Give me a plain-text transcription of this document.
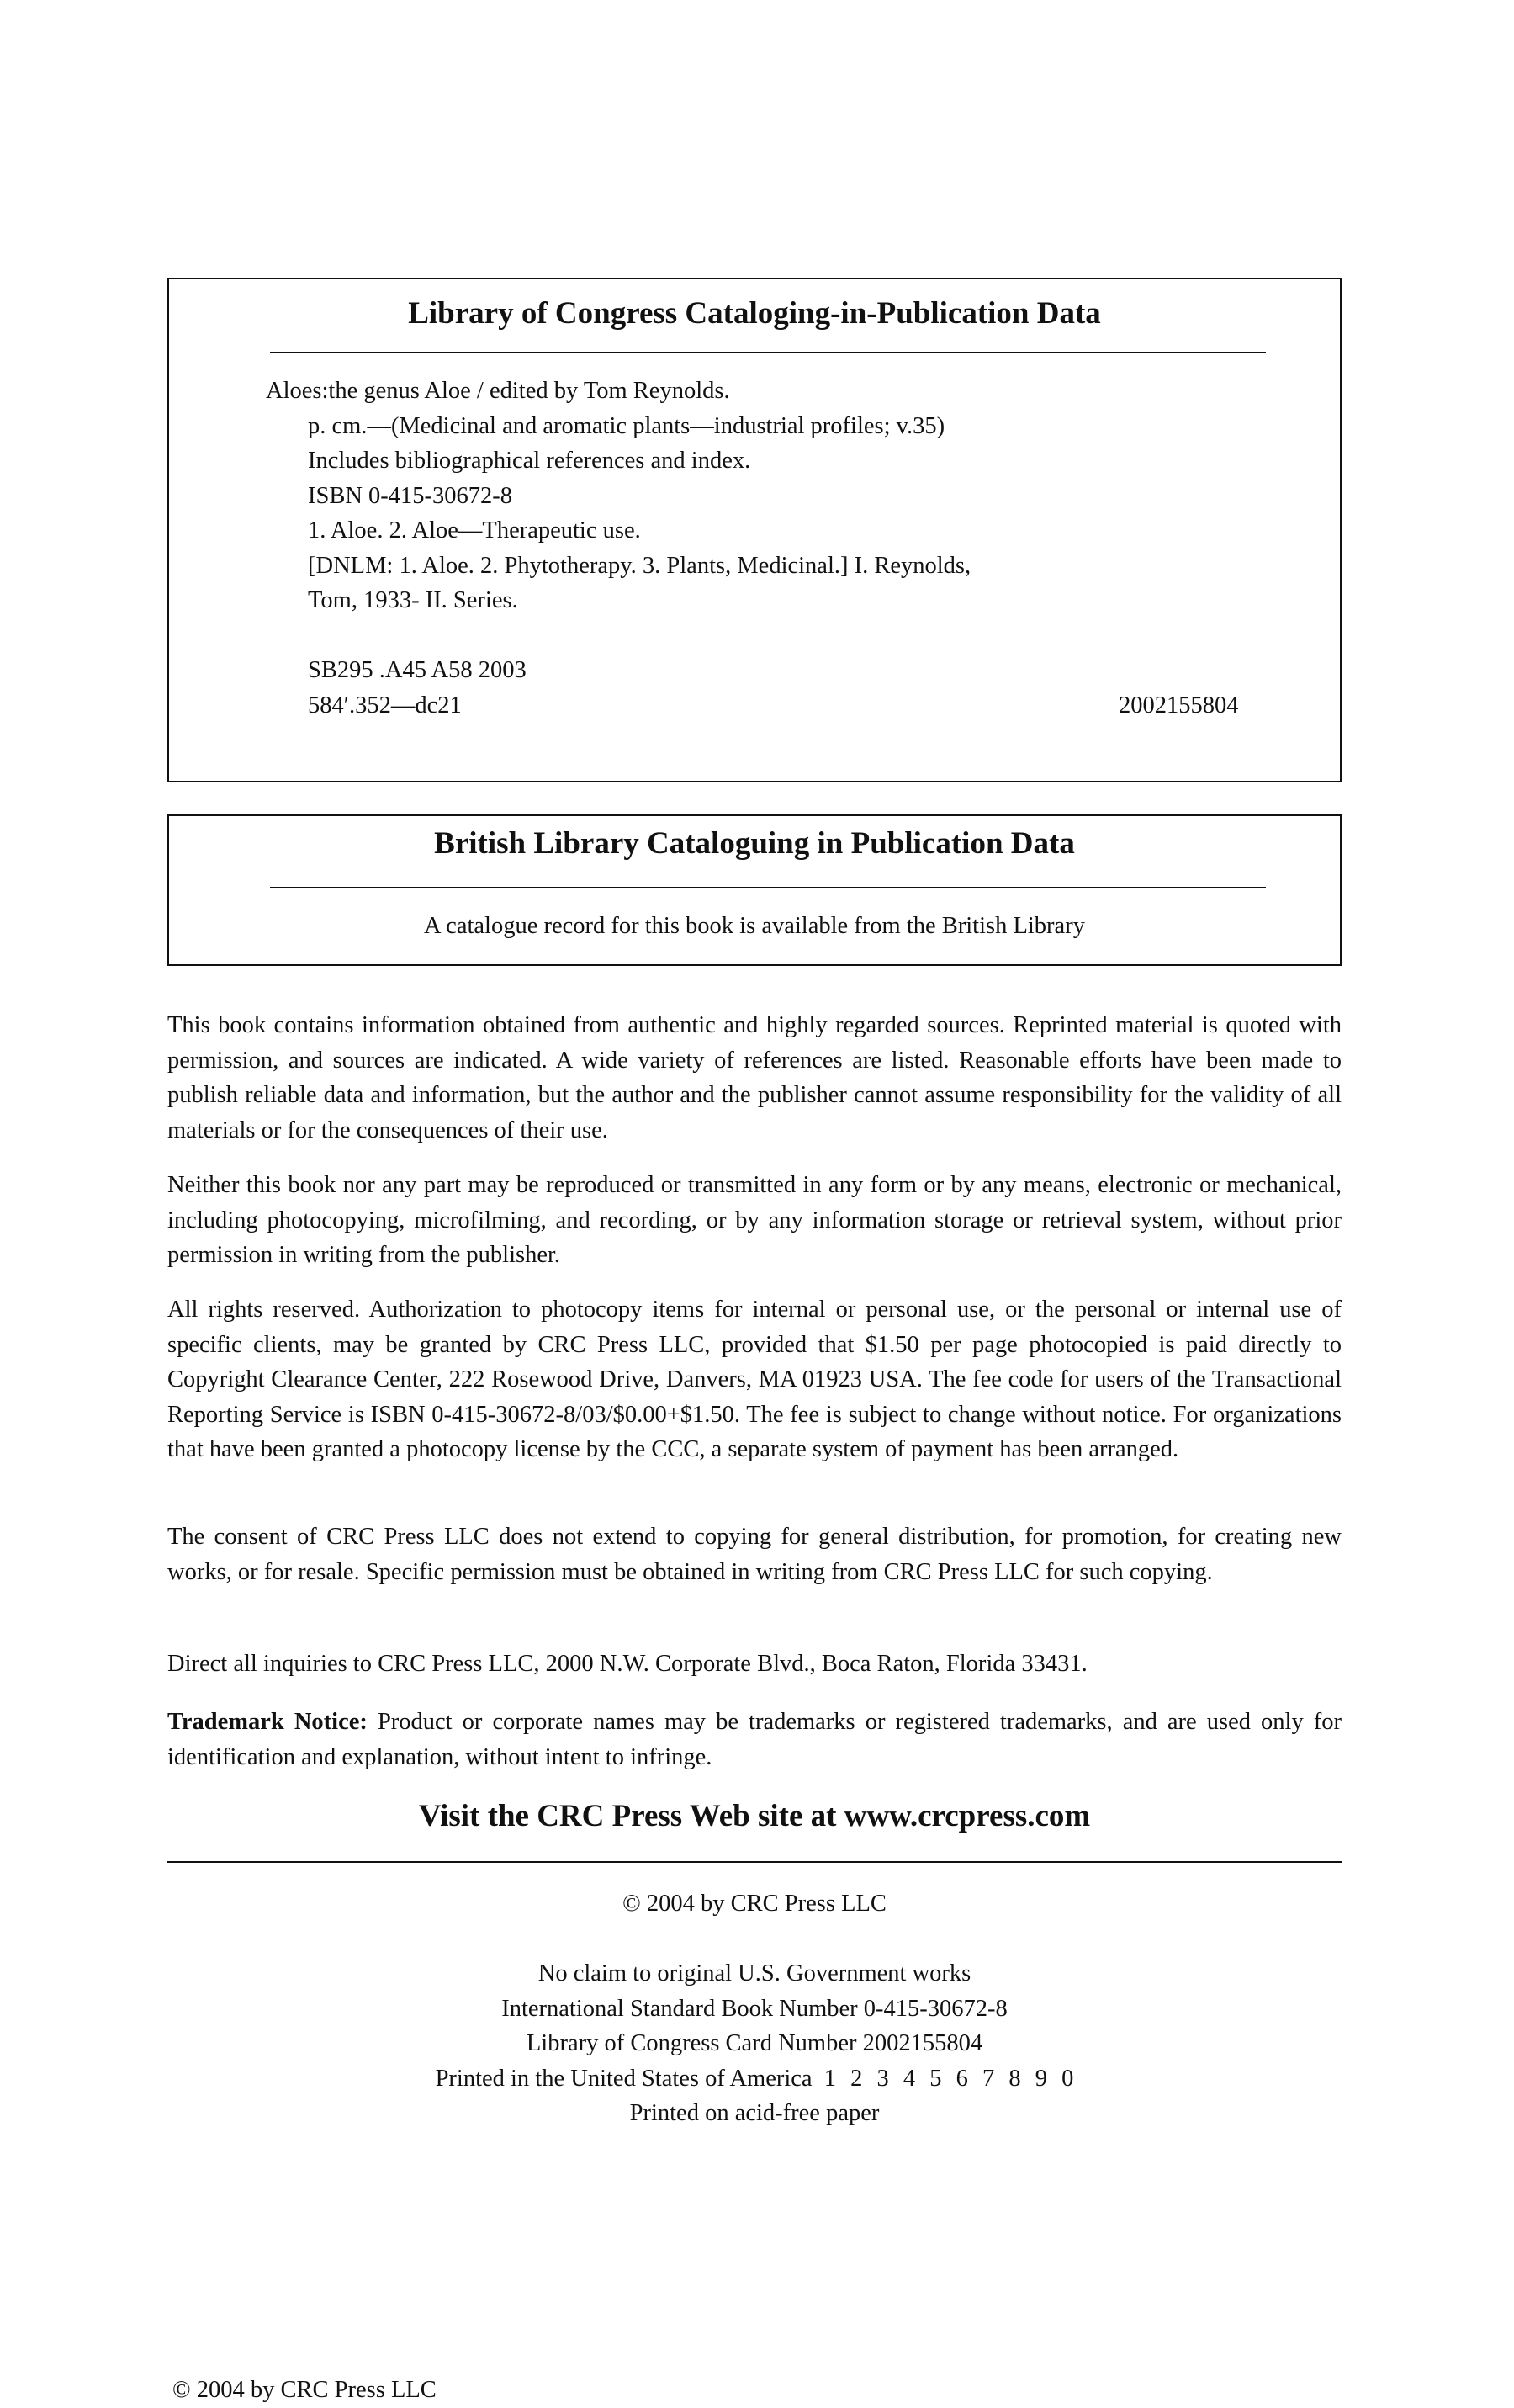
Library of Congress Cataloging-in-Publication Data
Aloes:the genus Aloe / edited by Tom Reynolds.
p. cm.—(Medicinal and aromatic plants—industrial profiles; v.35)
Includes bibliographical references and index.
ISBN 0-415-30672-8
1. Aloe. 2. Aloe—Therapeutic use.
[DNLM: 1. Aloe. 2. Phytotherapy. 3. Plants, Medicinal.] I. Reynolds,
Tom, 1933- II. Series.
SB295 .A45 A58 2003
584′.352—dc21	2002155804
British Library Cataloguing in Publication Data
A catalogue record for this book is available from the British Library

This book contains information obtained from authentic and highly regarded sources. Reprinted material is quoted with permission, and sources are indicated. A wide variety of references are listed. Reasonable efforts have been made to publish reliable data and information, but the author and the publisher cannot assume responsibility for the validity of all materials or for the consequences of their use.

Neither this book nor any part may be reproduced or transmitted in any form or by any means, electronic or mechanical, including photocopying, microfilming, and recording, or by any information storage or retrieval system, without prior permission in writing from the publisher.

All rights reserved. Authorization to photocopy items for internal or personal use, or the personal or internal use of specific clients, may be granted by CRC Press LLC, provided that $1.50 per page photocopied is paid directly to Copyright Clearance Center, 222 Rosewood Drive, Danvers, MA 01923 USA. The fee code for users of the Transactional Reporting Service is ISBN 0-415-30672-8/03/$0.00+$1.50. The fee is subject to change without notice. For organizations that have been granted a photocopy license by the CCC, a separate system of payment has been arranged.

The consent of CRC Press LLC does not extend to copying for general distribution, for promotion, for creating new works, or for resale. Specific permission must be obtained in writing from CRC Press LLC for such copying.

Direct all inquiries to CRC Press LLC, 2000 N.W. Corporate Blvd., Boca Raton, Florida 33431.

Trademark Notice: Product or corporate names may be trademarks or registered trademarks, and are used only for identification and explanation, without intent to infringe.

Visit the CRC Press Web site at www.crcpress.com
© 2004 by CRC Press LLC
No claim to original U.S. Government works
International Standard Book Number 0-415-30672-8
Library of Congress Card Number 2002155804
Printed in the United States of America 1 2 3 4 5 6 7 8 9 0
Printed on acid-free paper
© 2004 by CRC Press LLC
